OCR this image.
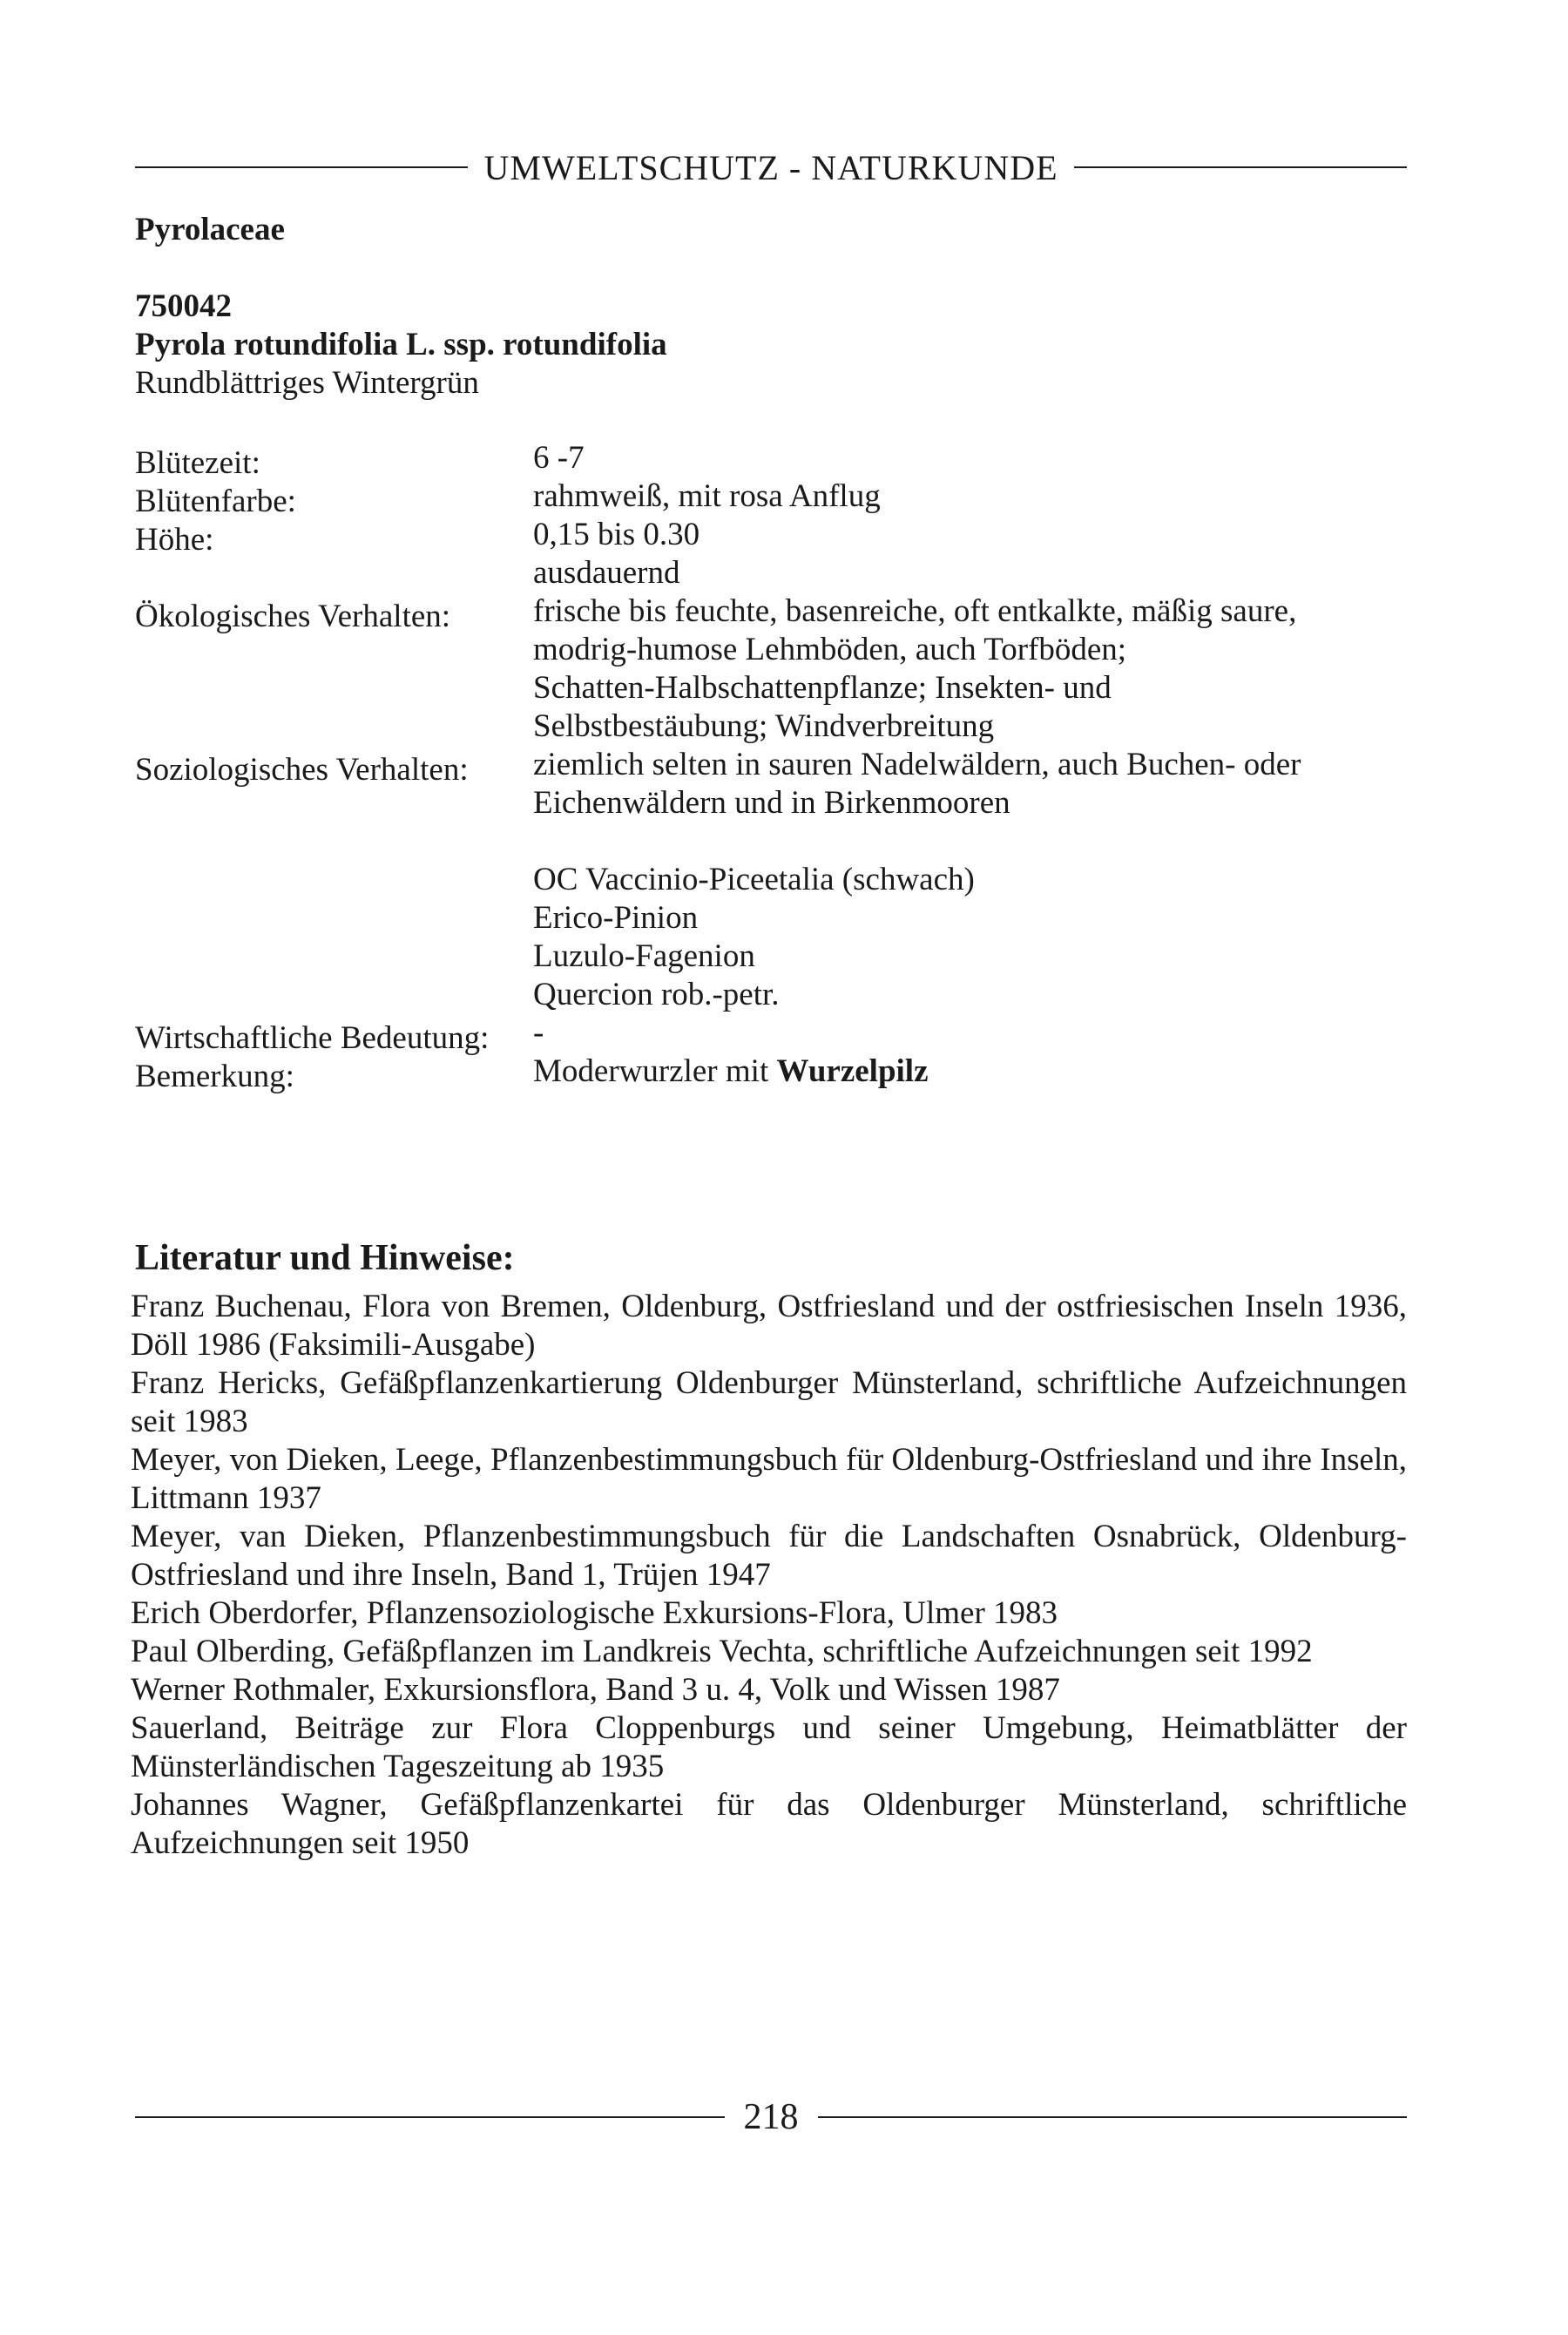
UMWELTSCHUTZ - NATURKUNDE
Pyrolaceae
750042
Pyrola rotundifolia L. ssp. rotundifolia
Rundblättriges Wintergrün
Blütezeit:	6 -7
rahmweiß, mit rosa Anflug
0,15 bis 0.30
ausdauernd
frische bis feuchte, basenreiche, oft entkalkte, mäßig saure,
modrig-humose Lehmböden, auch Torfböden;
Schatten-Halbschattenpflanze; Insekten- und
Selbstbestäubung; Windverbreitung
ziemlich selten in sauren Nadelwäldern, auch Buchen- oder
Eichenwäldern und in Birkenmooren
OC Vaccinio-Piceetalia (schwach)
Erico-Pinion
Luzulo-Fagenion
Quercion rob.-petr.
-
Moderwurzler mit Wurzelpilz
Blütenfarbe:
Höhe:
Ökologisches Verhalten:
Soziologisches Verhalten:
Wirtschaftliche Bedeutung:
Bemerkung:
Literatur und Hinweise:

Franz Buchenau, Flora von Bremen, Oldenburg, Ostfriesland und der ostfriesischen Inseln 1936, Döll 1986 (Faksimili-Ausgabe)

Franz Hericks, Gefäßpflanzenkartierung Oldenburger Münsterland, schriftliche Aufzeichnungen seit 1983

Meyer, von Dieken, Leege, Pflanzenbestimmungsbuch für Oldenburg-Ostfriesland und ihre Inseln, Littmann 1937

Meyer, van Dieken, Pflanzenbestimmungsbuch für die Landschaften Osnabrück, Oldenburg-Ostfriesland und ihre Inseln, Band 1, Trüjen 1947

Erich Oberdorfer, Pflanzensoziologische Exkursions-Flora, Ulmer 1983

Paul Olberding, Gefäßpflanzen im Landkreis Vechta, schriftliche Aufzeichnungen seit 1992

Werner Rothmaler, Exkursionsflora, Band 3 u. 4, Volk und Wissen 1987

Sauerland, Beiträge zur Flora Cloppenburgs und seiner Umgebung, Heimatblätter der Münsterländischen Tageszeitung ab 1935

Johannes Wagner, Gefäßpflanzenkartei für das Oldenburger Münsterland, schriftliche Aufzeichnungen seit 1950

218
